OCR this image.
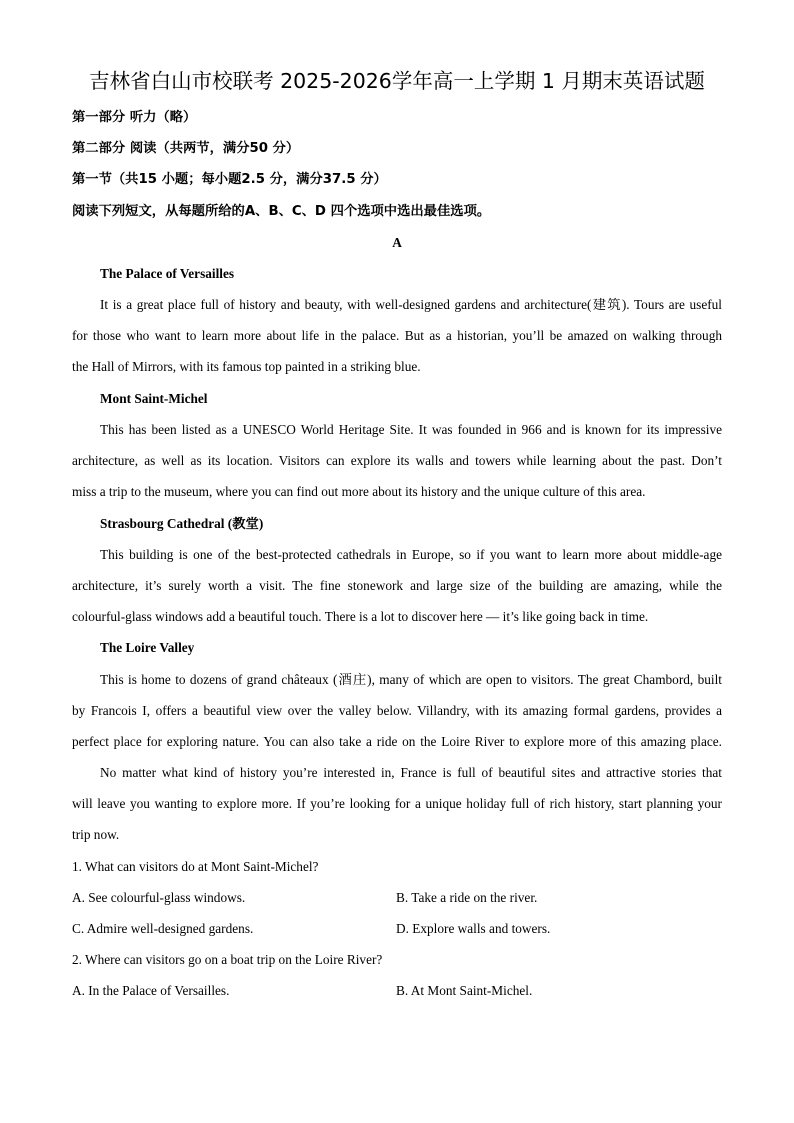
吉林省白山市校联考 2025-2026学年高一上学期 1 月期末英语试题
第一部分 听力（略）
第二部分 阅读（共两节，满分50 分）
第一节（共15 小题；每小题2.5 分，满分37.5 分）
阅读下列短文，从每题所给的A、B、C、D 四个选项中选出最佳选项。
A
The Palace of Versailles
It is a great place full of history and beauty, with well-designed gardens and architecture(建筑). Tours are useful
for those who want to learn more about life in the palace. But as a historian, you’ll be amazed on walking through
the Hall of Mirrors, with its famous top painted in a striking blue.
Mont Saint-Michel
This has been listed as a UNESCO World Heritage Site. It was founded in 966 and is known for its impressive
architecture, as well as its location. Visitors can explore its walls and towers while learning about the past. Don’t
miss a trip to the museum, where you can find out more about its history and the unique culture of this area.
Strasbourg Cathedral (教堂)
This building is one of the best-protected cathedrals in Europe, so if you want to learn more about middle-age
architecture, it’s surely worth a visit. The fine stonework and large size of the building are amazing, while the
colourful-glass windows add a beautiful touch. There is a lot to discover here — it’s like going back in time.
The Loire Valley
This is home to dozens of grand châteaux (酒庄), many of which are open to visitors. The great Chambord, built
by Francois I, offers a beautiful view over the valley below. Villandry, with its amazing formal gardens, provides a
perfect place for exploring nature. You can also take a ride on the Loire River to explore more of this amazing place.
No matter what kind of history you’re interested in, France is full of beautiful sites and attractive stories that
will leave you wanting to explore more. If you’re looking for a unique holiday full of rich history, start planning your
trip now.
1. What can visitors do at Mont Saint-Michel?
A. See colourful-glass windows.	B. Take a ride on the river.
C. Admire well-designed gardens.	D. Explore walls and towers.
2. Where can visitors go on a boat trip on the Loire River?
A. In the Palace of Versailles.	B. At Mont Saint-Michel.
